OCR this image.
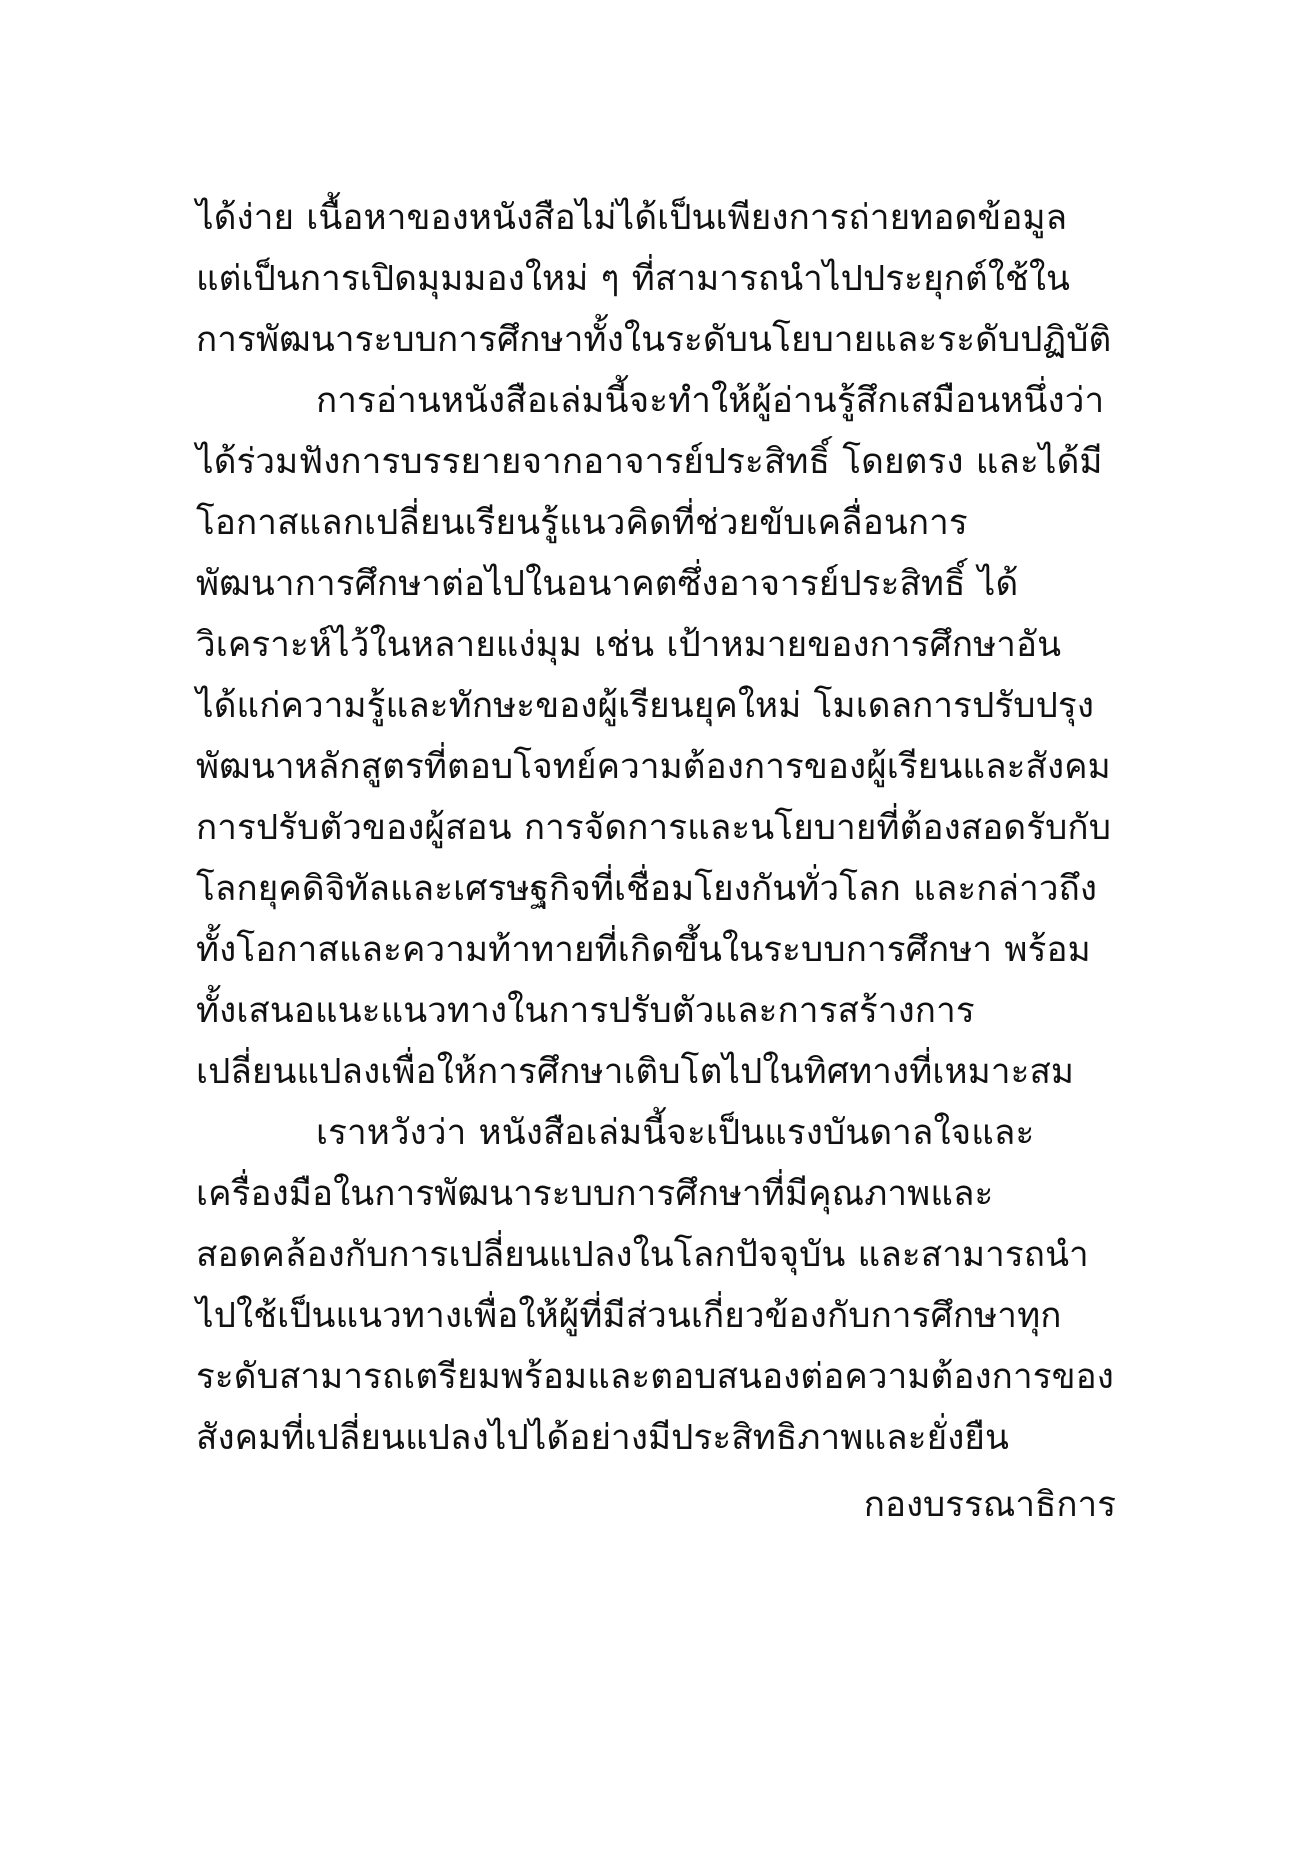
ได้ง่าย เนื้อหาของหนังสือไม่ได้เป็นเพียงการถ่ายทอดข้อมูล แต่เป็นการเปิดมุมมองใหม่ ๆ ที่สามารถนำไปประยุกต์ใช้ในการพัฒนาระบบการศึกษาทั้งในระดับนโยบายและระดับปฏิบัติ

การอ่านหนังสือเล่มนี้จะทำให้ผู้อ่านรู้สึกเสมือนหนึ่งว่าได้ร่วมฟังการบรรยายจากอาจารย์ประสิทธิ์ โดยตรง และได้มีโอกาสแลกเปลี่ยนเรียนรู้แนวคิดที่ช่วยขับเคลื่อนการพัฒนาการศึกษาต่อไปในอนาคตซึ่งอาจารย์ประสิทธิ์ ได้วิเคราะห์ไว้ในหลายแง่มุม เช่น เป้าหมายของการศึกษาอันได้แก่ความรู้และทักษะของผู้เรียนยุคใหม่ โมเดลการปรับปรุงพัฒนาหลักสูตรที่ตอบโจทย์ความต้องการของผู้เรียนและสังคม การปรับตัวของผู้สอน การจัดการและนโยบายที่ต้องสอดรับกับโลกยุคดิจิทัลและเศรษฐกิจที่เชื่อมโยงกันทั่วโลก และกล่าวถึงทั้งโอกาสและความท้าทายที่เกิดขึ้นในระบบการศึกษา พร้อมทั้งเสนอแนะแนวทางในการปรับตัวและการสร้างการเปลี่ยนแปลงเพื่อให้การศึกษาเติบโตไปในทิศทางที่เหมาะสม

เราหวังว่า หนังสือเล่มนี้จะเป็นแรงบันดาลใจและเครื่องมือในการพัฒนาระบบการศึกษาที่มีคุณภาพและสอดคล้องกับการเปลี่ยนแปลงในโลกปัจจุบัน และสามารถนำไปใช้เป็นแนวทางเพื่อให้ผู้ที่มีส่วนเกี่ยวข้องกับการศึกษาทุกระดับสามารถเตรียมพร้อมและตอบสนองต่อความต้องการของสังคมที่เปลี่ยนแปลงไปได้อย่างมีประสิทธิภาพและยั่งยืน

กองบรรณาธิการ
